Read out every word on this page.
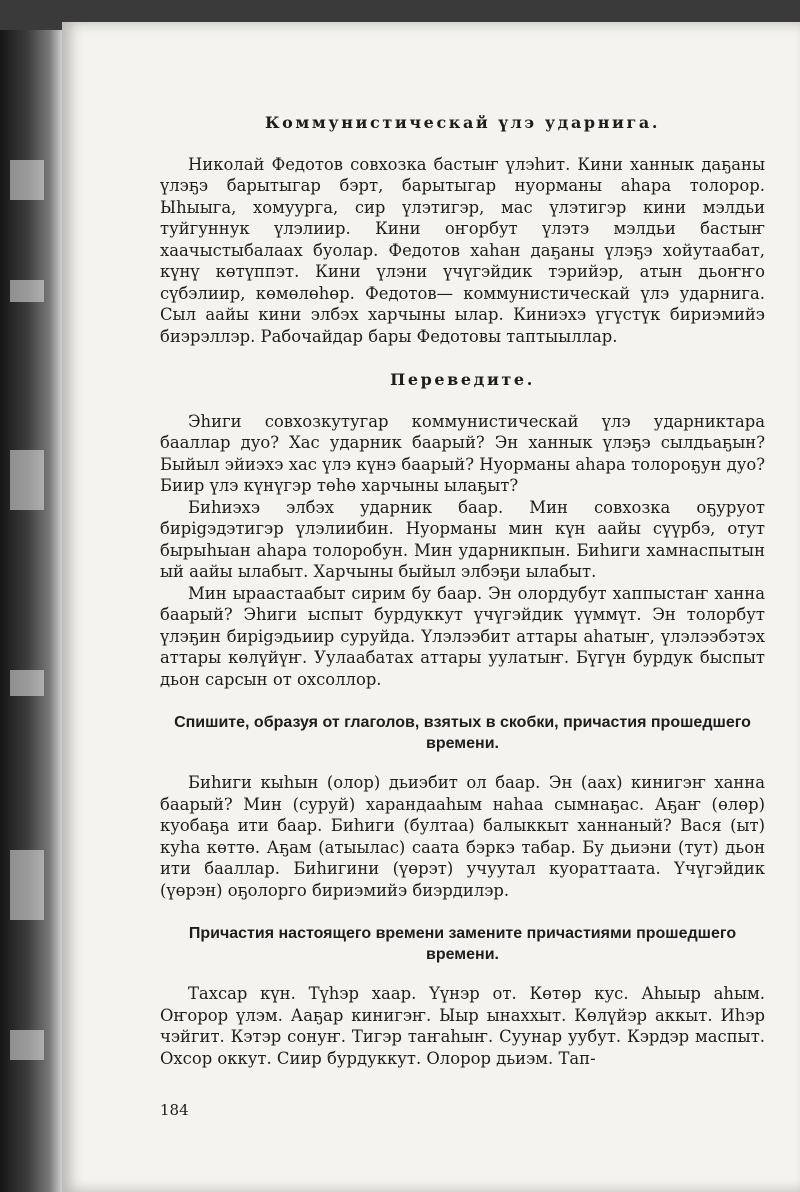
Коммунистическай үлэ ударнига.

Николай Федотов совхозка бастыҥ үлэһит. Кини ханнык даҕаны үлэҕэ барытыгар бэрт, барытыгар нуорманы аһара толорор. Ыһыыга, хомуурга, сир үлэтигэр, мас үлэтигэр кини мэлдьи туйгуннук үлэлиир. Кини оҥорбут үлэтэ мэлдьи бастыҥ хаачыстыбалаах буолар. Федотов хаһан даҕаны үлэҕэ хойутаабат, күнү көтүппэт. Кини үлэни үчүгэйдик тэрийэр, атын дьоҥҥо сүбэлиир, көмөлөһөр. Федотов— коммунистическай үлэ ударнига. Сыл аайы кини элбэх харчыны ылар. Киниэхэ үгүстүк бириэмийэ биэрэллэр. Рабочайдар бары Федотовы таптыыллар.

Переведите.

Эһиги совхозкутугар коммунистическай үлэ ударниктара бааллар дуо? Хас ударник баарый? Эн ханнык үлэҕэ сылдьаҕын? Быйыл эйиэхэ хас үлэ күнэ баарый? Нуорманы аһара толороҕун дуо? Биир үлэ күнүгэр төһө харчыны ылаҕыт?

Биһиэхэ элбэх ударник баар. Мин совхозка оҕуруот бирigэдэтигэр үлэлиибин. Нуорманы мин күн аайы сүүрбэ, отут бырыһыан аһара толоробун. Мин ударникпын. Биһиги хамнаспытын ый аайы ылабыт. Харчыны быйыл элбэҕи ылабыт.

Мин ыраастаабыт сирим бу баар. Эн олордубут хаппыстаҥ ханна баарый? Эһиги ыспыт бурдуккут үчүгэйдик үүммүт. Эн толорбут үлэҕин бирigэдьиир суруйда. Үлэлээбит аттары аһатыҥ, үлэлээбэтэх аттары көлүйүҥ. Уулаабатах аттары уулатыҥ. Бүгүн бурдук быспыт дьон сарсын от охсоллор.

Спишите, образуя от глаголов, взятых в скобки, причастия прошедшего времени.

Биһиги кыһын (олор) дьиэбит ол баар. Эн (аах) кинигэҥ ханна баарый? Мин (суруй) харандааһым наһаа сымнаҕас. Аҕаҥ (өлөр) куобаҕа ити баар. Биһиги (бултаа) балыккыт ханнаный? Вася (ыт) куһа көттө. Аҕам (атыылас) саата бэркэ табар. Бу дьиэни (тут) дьон ити бааллар. Биһигини (үөрэт) учуутал куораттаата. Үчүгэйдик (үөрэн) оҕолорго бириэмийэ биэрдилэр.

Причастия настоящего времени замените причастиями прошедшего времени.

Тахсар күн. Түһэр хаар. Үүнэр от. Көтөр кус. Аһыыр аһым. Оҥорор үлэм. Ааҕар кинигэҥ. Ыыр ынаххыт. Көлүйэр аккыт. Иһэр чэйгит. Кэтэр сонуҥ. Тигэр таҥаһыҥ. Суунар уубут. Кэрдэр маспыт. Охсор оккут. Сиир бурдуккут. Олорор дьиэм. Тап-

184
